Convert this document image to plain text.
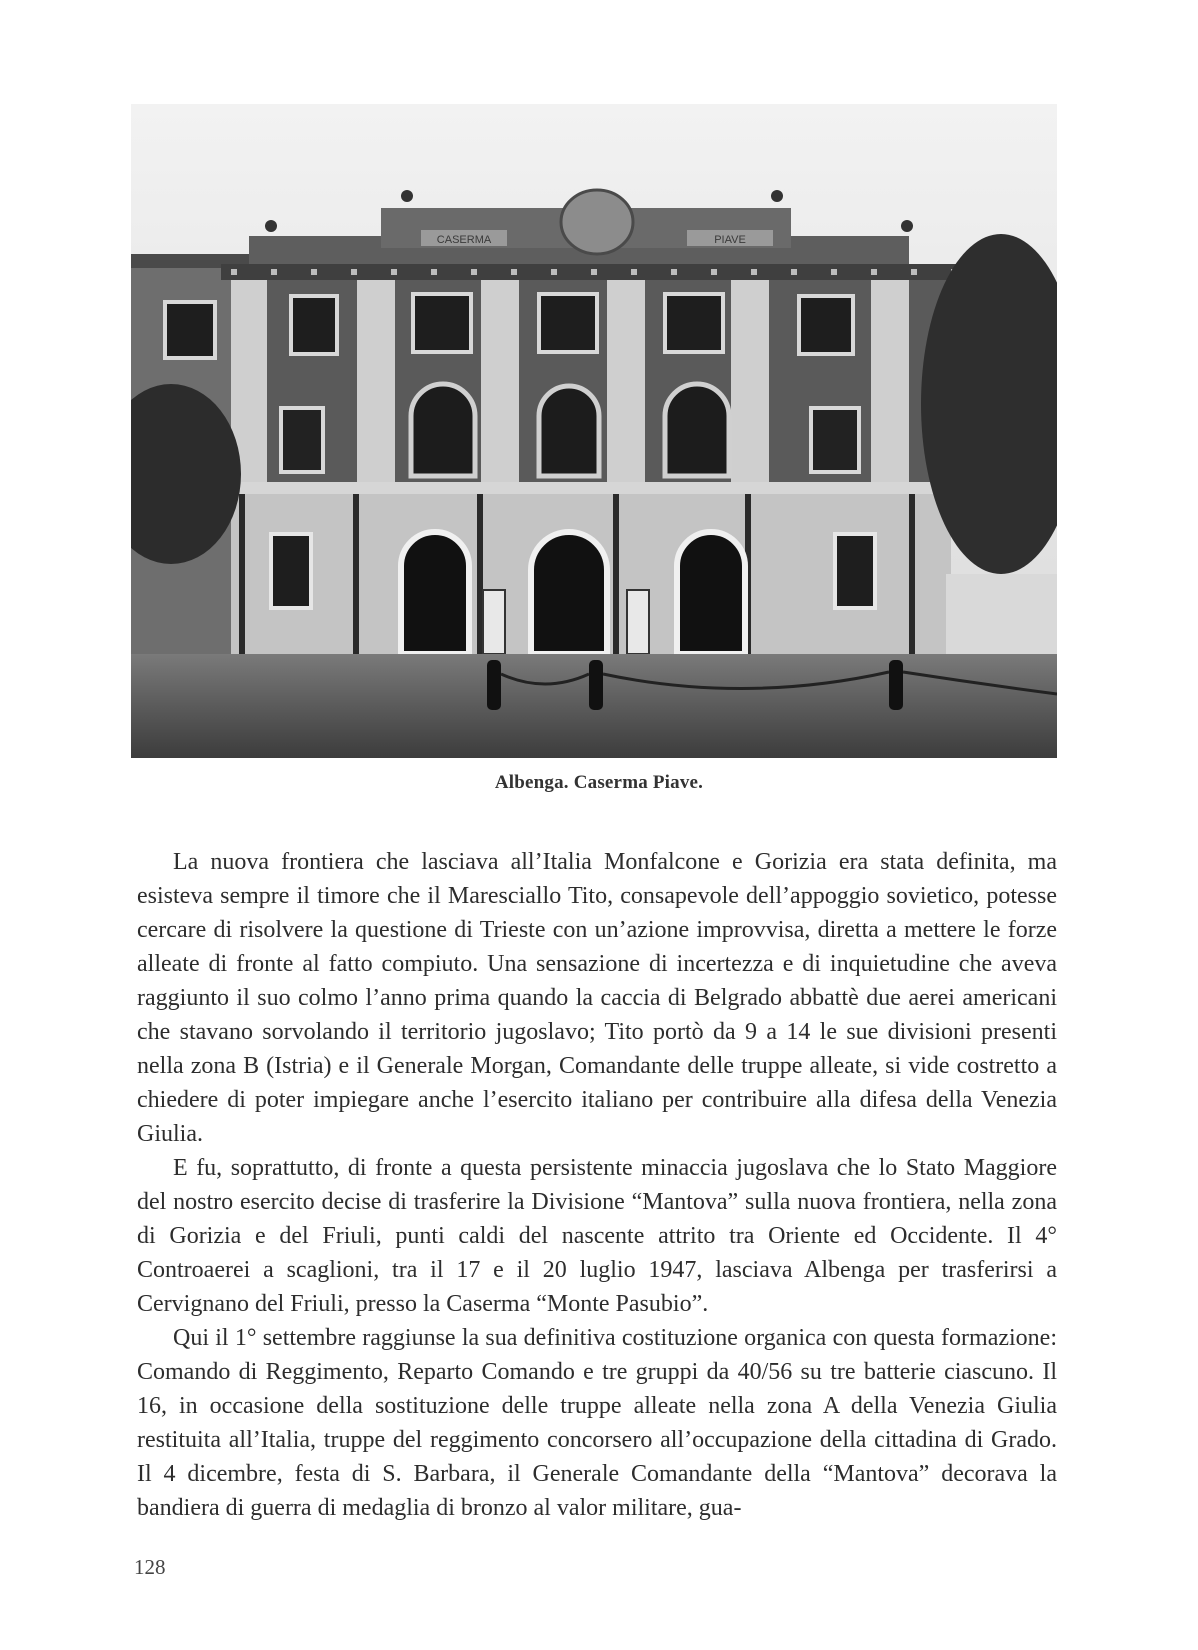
CASERMA	PIAVE
Albenga. Caserma Piave.

La nuova frontiera che lasciava all’Italia Monfalcone e Gorizia era stata definita, ma esisteva sempre il timore che il Maresciallo Tito, consapevole dell’appoggio sovietico, potesse cercare di risolvere la questione di Trieste con un’azione improvvisa, diretta a mettere le forze alleate di fronte al fatto compiuto. Una sensazione di incertezza e di inquietudine che aveva raggiunto il suo colmo l’anno prima quando la caccia di Belgrado abbattè due aerei americani che stavano sorvolando il territorio jugoslavo; Tito portò da 9 a 14 le sue divisioni presenti nella zona B (Istria) e il Generale Morgan, Comandante delle truppe alleate, si vide costretto a chiedere di poter impiegare anche l’esercito italiano per contribuire alla difesa della Venezia Giulia.

E fu, soprattutto, di fronte a questa persistente minaccia jugoslava che lo Stato Maggiore del nostro esercito decise di trasferire la Divisione “Mantova” sulla nuova frontiera, nella zona di Gorizia e del Friuli, punti caldi del nascente attrito tra Oriente ed Occidente. Il 4° Controaerei a scaglioni, tra il 17 e il 20 luglio 1947, lasciava Albenga per trasferirsi a Cervignano del Friuli, presso la Caserma “Monte Pasubio”.

Qui il 1° settembre raggiunse la sua definitiva costituzione organica con questa formazione: Comando di Reggimento, Reparto Comando e tre gruppi da 40/56 su tre batterie ciascuno. Il 16, in occasione della sostituzione delle truppe alleate nella zona A della Venezia Giulia restituita all’Italia, truppe del reggimento concorsero all’occupazione della cittadina di Grado. Il 4 dicembre, festa di S. Barbara, il Generale Comandante della “Mantova” decorava la bandiera di guerra di medaglia di bronzo al valor militare, gua-

128
